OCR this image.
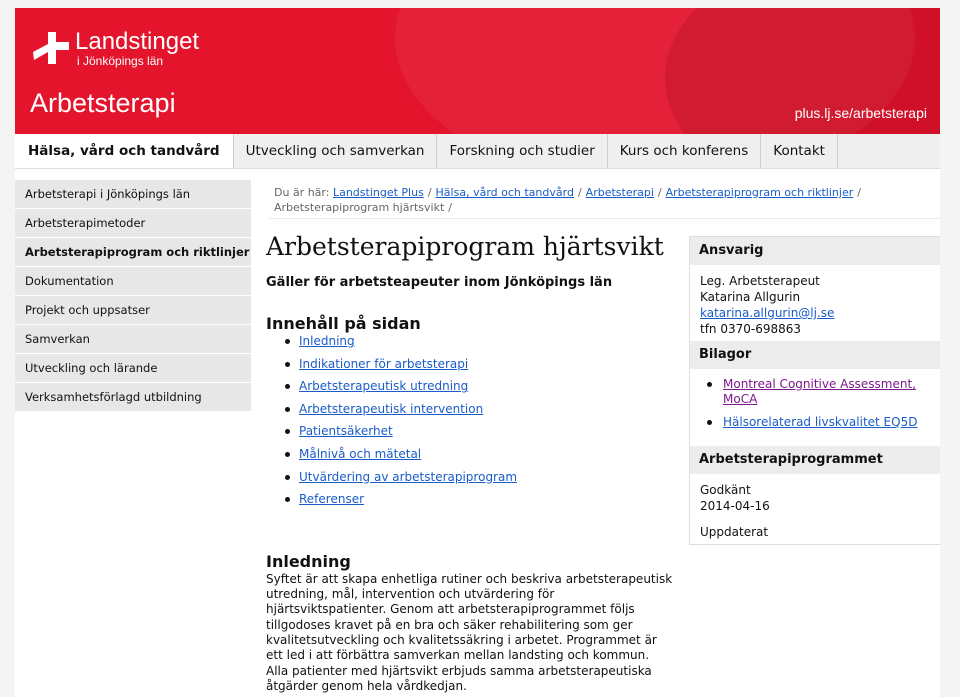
Landstinget
i Jönköpings län
Arbetsterapi	plus.lj.se/arbetsterapi
Hälsa, vård och tandvård	Utveckling och samverkan	Forskning och studier	Kurs och konferens	Kontakt
Arbetsterapi i Jönköpings län
Arbetsterapimetoder
Arbetsterapiprogram och riktlinjer
Dokumentation
Projekt och uppsatser
Samverkan
Utveckling och lärande
Verksamhetsförlagd utbildning
Du är här: Landstinget Plus / Hälsa, vård och tandvård / Arbetsterapi / Arbetsterapiprogram och riktlinjer /
Arbetsterapiprogram hjärtsvikt /
Arbetsterapiprogram hjärtsvikt
Gäller för arbetsteapeuter inom Jönköpings län
Innehåll på sidan
Inledning
Indikationer för arbetsterapi
Arbetsterapeutisk utredning
Arbetsterapeutisk intervention
Patientsäkerhet
Målnivå och mätetal
Utvärdering av arbetsterapiprogram
Referenser
Inledning
Syftet är att skapa enhetliga rutiner och beskriva arbetsterapeutisk utredning, mål, intervention och utvärdering för hjärtsviktspatienter. Genom att arbetsterapiprogrammet följs tillgodoses kravet på en bra och säker rehabilitering som ger kvalitetsutveckling och kvalitetssäkring i arbetet. Programmet är ett led i att förbättra samverkan mellan landsting och kommun. Alla patienter med hjärtsvikt erbjuds samma arbetsterapeutiska åtgärder genom hela vårdkedjan.
Ansvarig
Leg. Arbetsterapeut
Katarina Allgurin
katarina.allgurin@lj.se
tfn 0370-698863
Bilagor
Montreal Cognitive Assessment, MoCA
Hälsorelaterad livskvalitet EQ5D
Arbetsterapiprogrammet
Godkänt
2014-04-16
Uppdaterat
